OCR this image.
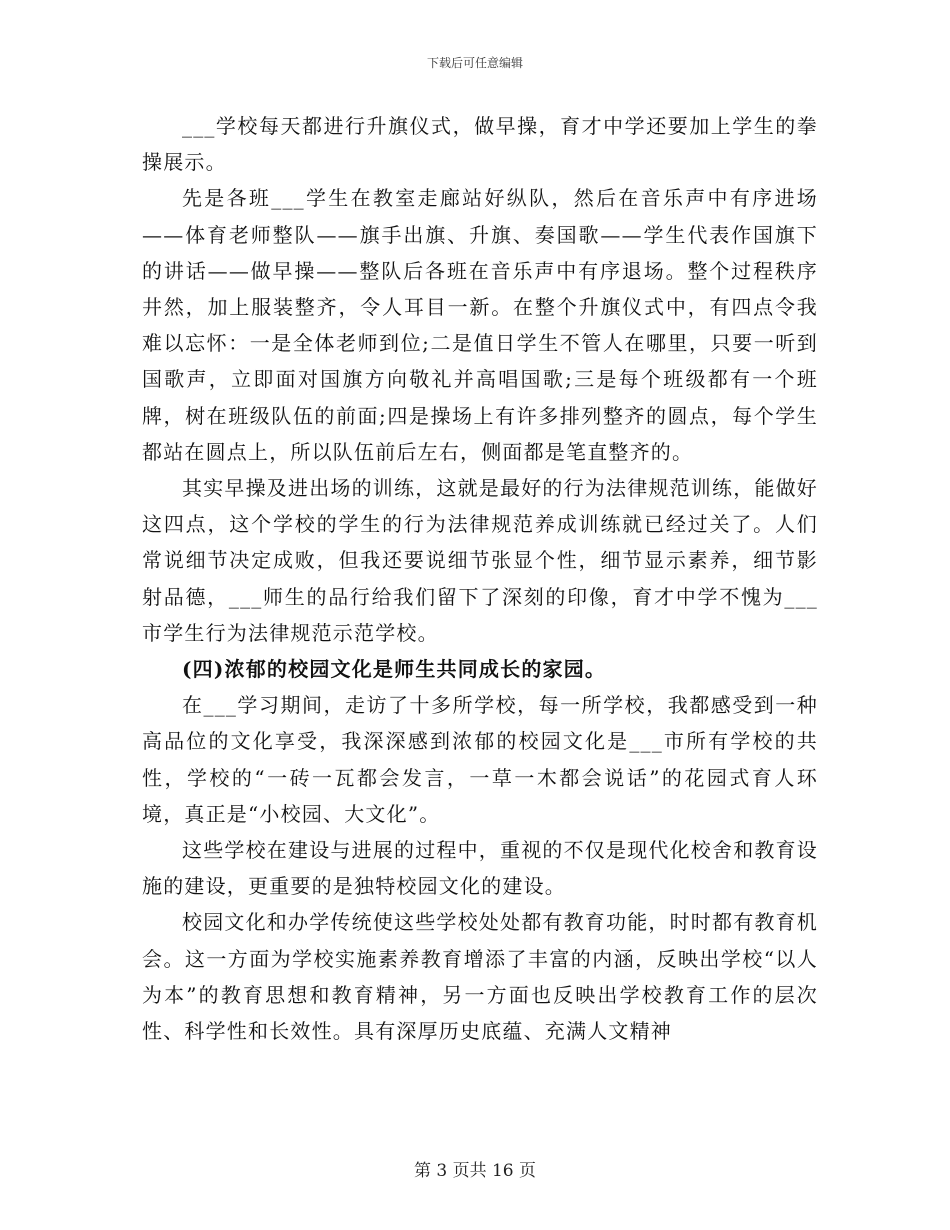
下载后可任意编辑

___学校每天都进行升旗仪式，做早操，育才中学还要加上学生的拳操展示。

先是各班___学生在教室走廊站好纵队，然后在音乐声中有序进场——体育老师整队——旗手出旗、升旗、奏国歌——学生代表作国旗下的讲话——做早操——整队后各班在音乐声中有序退场。整个过程秩序井然，加上服装整齐，令人耳目一新。在整个升旗仪式中，有四点令我难以忘怀：一是全体老师到位;二是值日学生不管人在哪里，只要一听到国歌声，立即面对国旗方向敬礼并高唱国歌;三是每个班级都有一个班牌，树在班级队伍的前面;四是操场上有许多排列整齐的圆点，每个学生都站在圆点上，所以队伍前后左右，侧面都是笔直整齐的。

其实早操及进出场的训练，这就是最好的行为法律规范训练，能做好这四点，这个学校的学生的行为法律规范养成训练就已经过关了。人们常说细节决定成败，但我还要说细节张显个性，细节显示素养，细节影射品德，___师生的品行给我们留下了深刻的印像，育才中学不愧为___市学生行为法律规范示范学校。

(四)浓郁的校园文化是师生共同成长的家园。

在___学习期间，走访了十多所学校，每一所学校，我都感受到一种高品位的文化享受，我深深感到浓郁的校园文化是___市所有学校的共性，学校的“一砖一瓦都会发言，一草一木都会说话”的花园式育人环境，真正是“小校园、大文化”。

这些学校在建设与进展的过程中，重视的不仅是现代化校舍和教育设施的建设，更重要的是独特校园文化的建设。

校园文化和办学传统使这些学校处处都有教育功能，时时都有教育机会。这一方面为学校实施素养教育增添了丰富的内涵，反映出学校“以人为本”的教育思想和教育精神，另一方面也反映出学校教育工作的层次性、科学性和长效性。具有深厚历史底蕴、充满人文精神

第 3 页共 16 页
